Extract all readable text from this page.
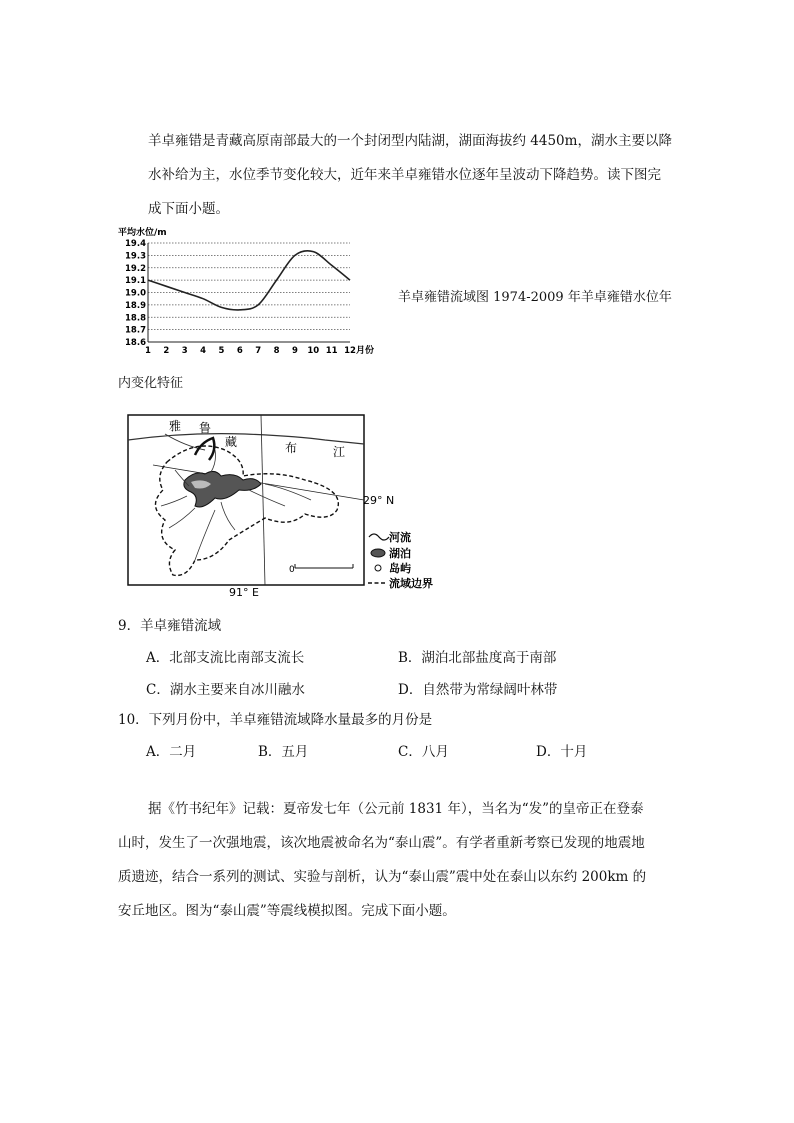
羊卓雍错是青藏高原南部最大的一个封闭型内陆湖，湖面海拔约 4450m，湖水主要以降
水补给为主，水位季节变化较大，近年来羊卓雍错水位逐年呈波动下降趋势。读下图完
成下面小题。
平均水位/m
月份
18.6
18.7
18.8
18.9
19.0
19.1
19.2
19.3
19.4
1 2 3 4 5 6 7 8 9 10 11 12
羊卓雍错流域图 1974-2009 年羊卓雍错水位年
内变化特征
雅 鲁
藏	布	江
0
29° N
91° E
河流
湖泊
岛屿
流域边界
9．羊卓雍错流域
A．北部支流比南部支流长	B．湖泊北部盐度高于南部
C．湖水主要来自冰川融水	D．自然带为常绿阔叶林带
10．下列月份中，羊卓雍错流域降水量最多的月份是
A．二月	B．五月	C．八月	D．十月
据《竹书纪年》记载：夏帝发七年（公元前 1831 年），当名为“发”的皇帝正在登泰
山时，发生了一次强地震，该次地震被命名为“泰山震”。有学者重新考察已发现的地震地
质遗迹，结合一系列的测试、实验与剖析，认为“泰山震”震中处在泰山以东约 200km 的
安丘地区。图为“泰山震”等震线模拟图。完成下面小题。
